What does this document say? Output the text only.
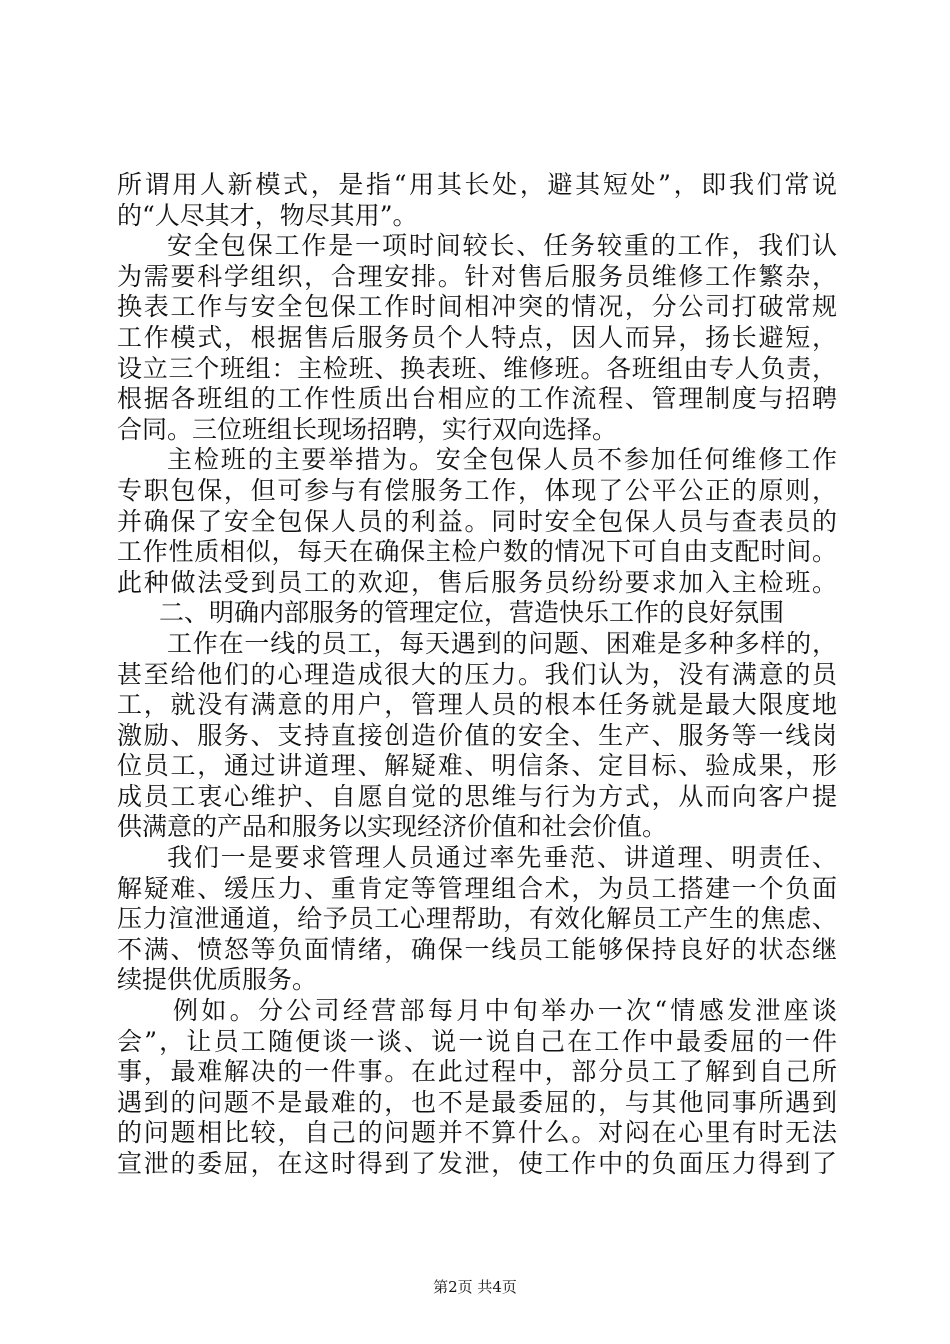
所谓用人新模式，是指“用其长处，避其短处”，即我们常说
的“人尽其才，物尽其用”。
安全包保工作是一项时间较长、任务较重的工作，我们认
为需要科学组织，合理安排。针对售后服务员维修工作繁杂，
换表工作与安全包保工作时间相冲突的情况，分公司打破常规
工作模式，根据售后服务员个人特点，因人而异，扬长避短，
设立三个班组：主检班、换表班、维修班。各班组由专人负责，
根据各班组的工作性质出台相应的工作流程、管理制度与招聘
合同。三位班组长现场招聘，实行双向选择。
主检班的主要举措为。安全包保人员不参加任何维修工作
专职包保，但可参与有偿服务工作，体现了公平公正的原则，
并确保了安全包保人员的利益。同时安全包保人员与查表员的
工作性质相似，每天在确保主检户数的情况下可自由支配时间。
此种做法受到员工的欢迎，售后服务员纷纷要求加入主检班。
二、明确内部服务的管理定位，营造快乐工作的良好氛围
工作在一线的员工，每天遇到的问题、困难是多种多样的，
甚至给他们的心理造成很大的压力。我们认为，没有满意的员
工，就没有满意的用户，管理人员的根本任务就是最大限度地
激励、服务、支持直接创造价值的安全、生产、服务等一线岗
位员工，通过讲道理、解疑难、明信条、定目标、验成果，形
成员工衷心维护、自愿自觉的思维与行为方式，从而向客户提
供满意的产品和服务以实现经济价值和社会价值。
我们一是要求管理人员通过率先垂范、讲道理、明责任、
解疑难、缓压力、重肯定等管理组合术，为员工搭建一个负面
压力渲泄通道，给予员工心理帮助，有效化解员工产生的焦虑、
不满、愤怒等负面情绪，确保一线员工能够保持良好的状态继
续提供优质服务。
例如。分公司经营部每月中旬举办一次“情感发泄座谈
会”，让员工随便谈一谈、说一说自己在工作中最委屈的一件
事，最难解决的一件事。在此过程中，部分员工了解到自己所
遇到的问题不是最难的，也不是最委屈的，与其他同事所遇到
的问题相比较，自己的问题并不算什么。对闷在心里有时无法
宣泄的委屈，在这时得到了发泄，使工作中的负面压力得到了
第2页 共4页
